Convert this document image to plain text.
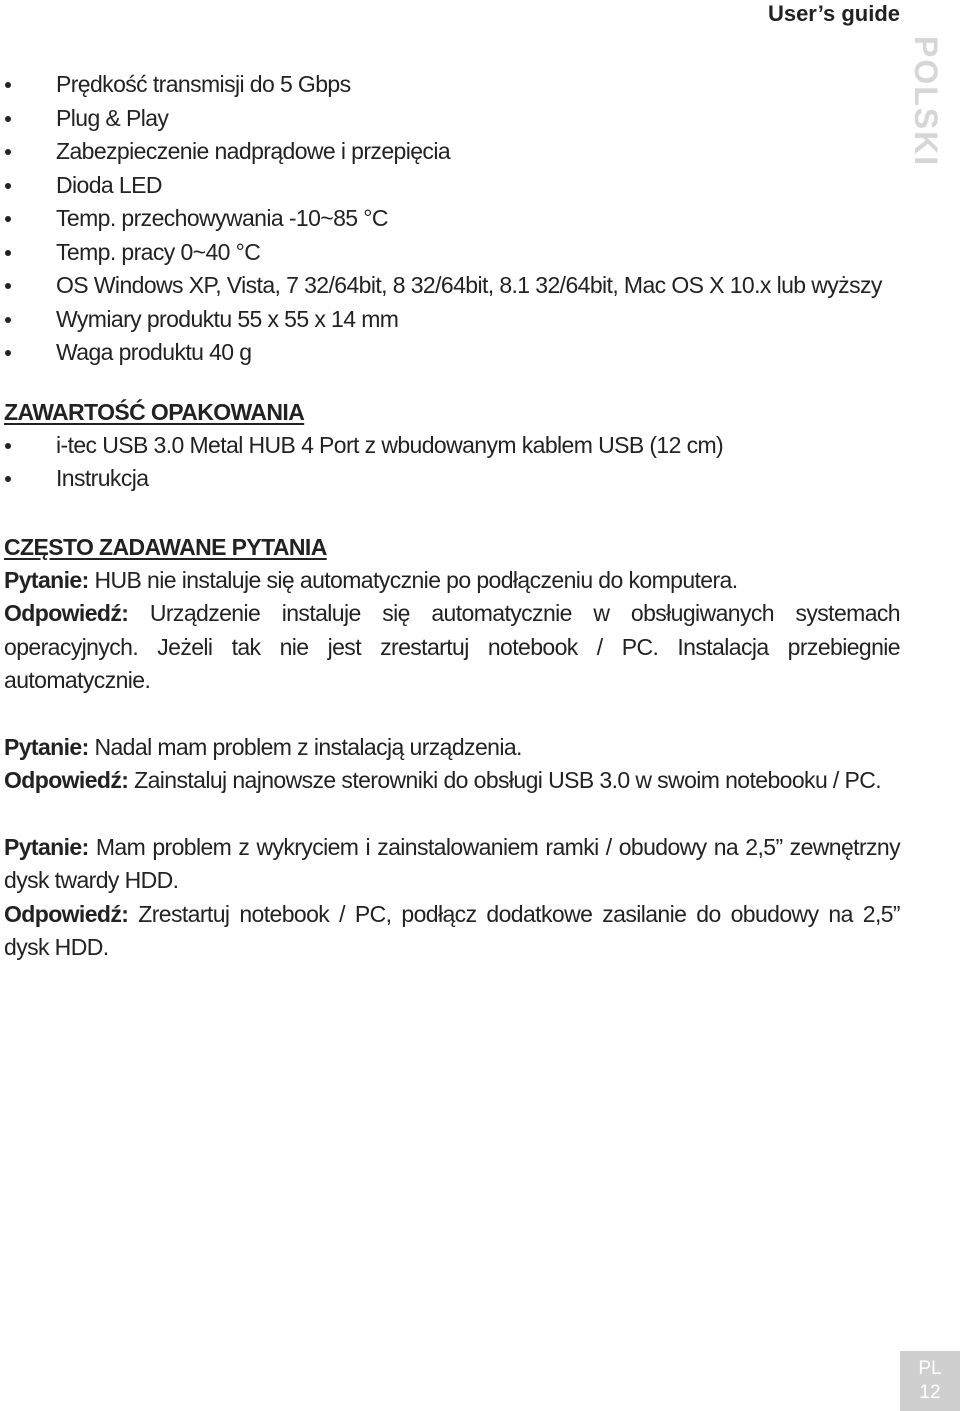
User’s guide
POLSKI
Prędkość transmisji do 5 Gbps
Plug & Play
Zabezpieczenie nadprądowe i przepięcia
Dioda LED
Temp. przechowywania -10~85 °C
Temp. pracy 0~40 °C
OS Windows XP, Vista, 7 32/64bit, 8 32/64bit, 8.1 32/64bit, Mac OS X 10.x lub wyższy
Wymiary produktu 55 x 55 x 14 mm
Waga produktu 40 g
ZAWARTOŚĆ OPAKOWANIA
i-tec USB 3.0 Metal HUB 4 Port z wbudowanym kablem USB (12 cm)
Instrukcja
CZĘSTO ZADAWANE PYTANIA

Pytanie: HUB nie instaluje się automatycznie po podłączeniu do komputera.

Odpowiedź: Urządzenie instaluje się automatycznie w obsługiwanych systemach operacyjnych. Jeżeli tak nie jest zrestartuj notebook / PC. Instalacja przebiegnie automatycznie.

Pytanie: Nadal mam problem z instalacją urządzenia.

Odpowiedź: Zainstaluj najnowsze sterowniki do obsługi USB 3.0 w swoim notebooku / PC.

Pytanie: Mam problem z wykryciem i zainstalowaniem ramki / obudowy na 2,5” zewnętrzny dysk twardy HDD.

Odpowiedź: Zrestartuj notebook / PC, podłącz dodatkowe zasilanie do obudowy na 2,5” dysk HDD.

PL
12
